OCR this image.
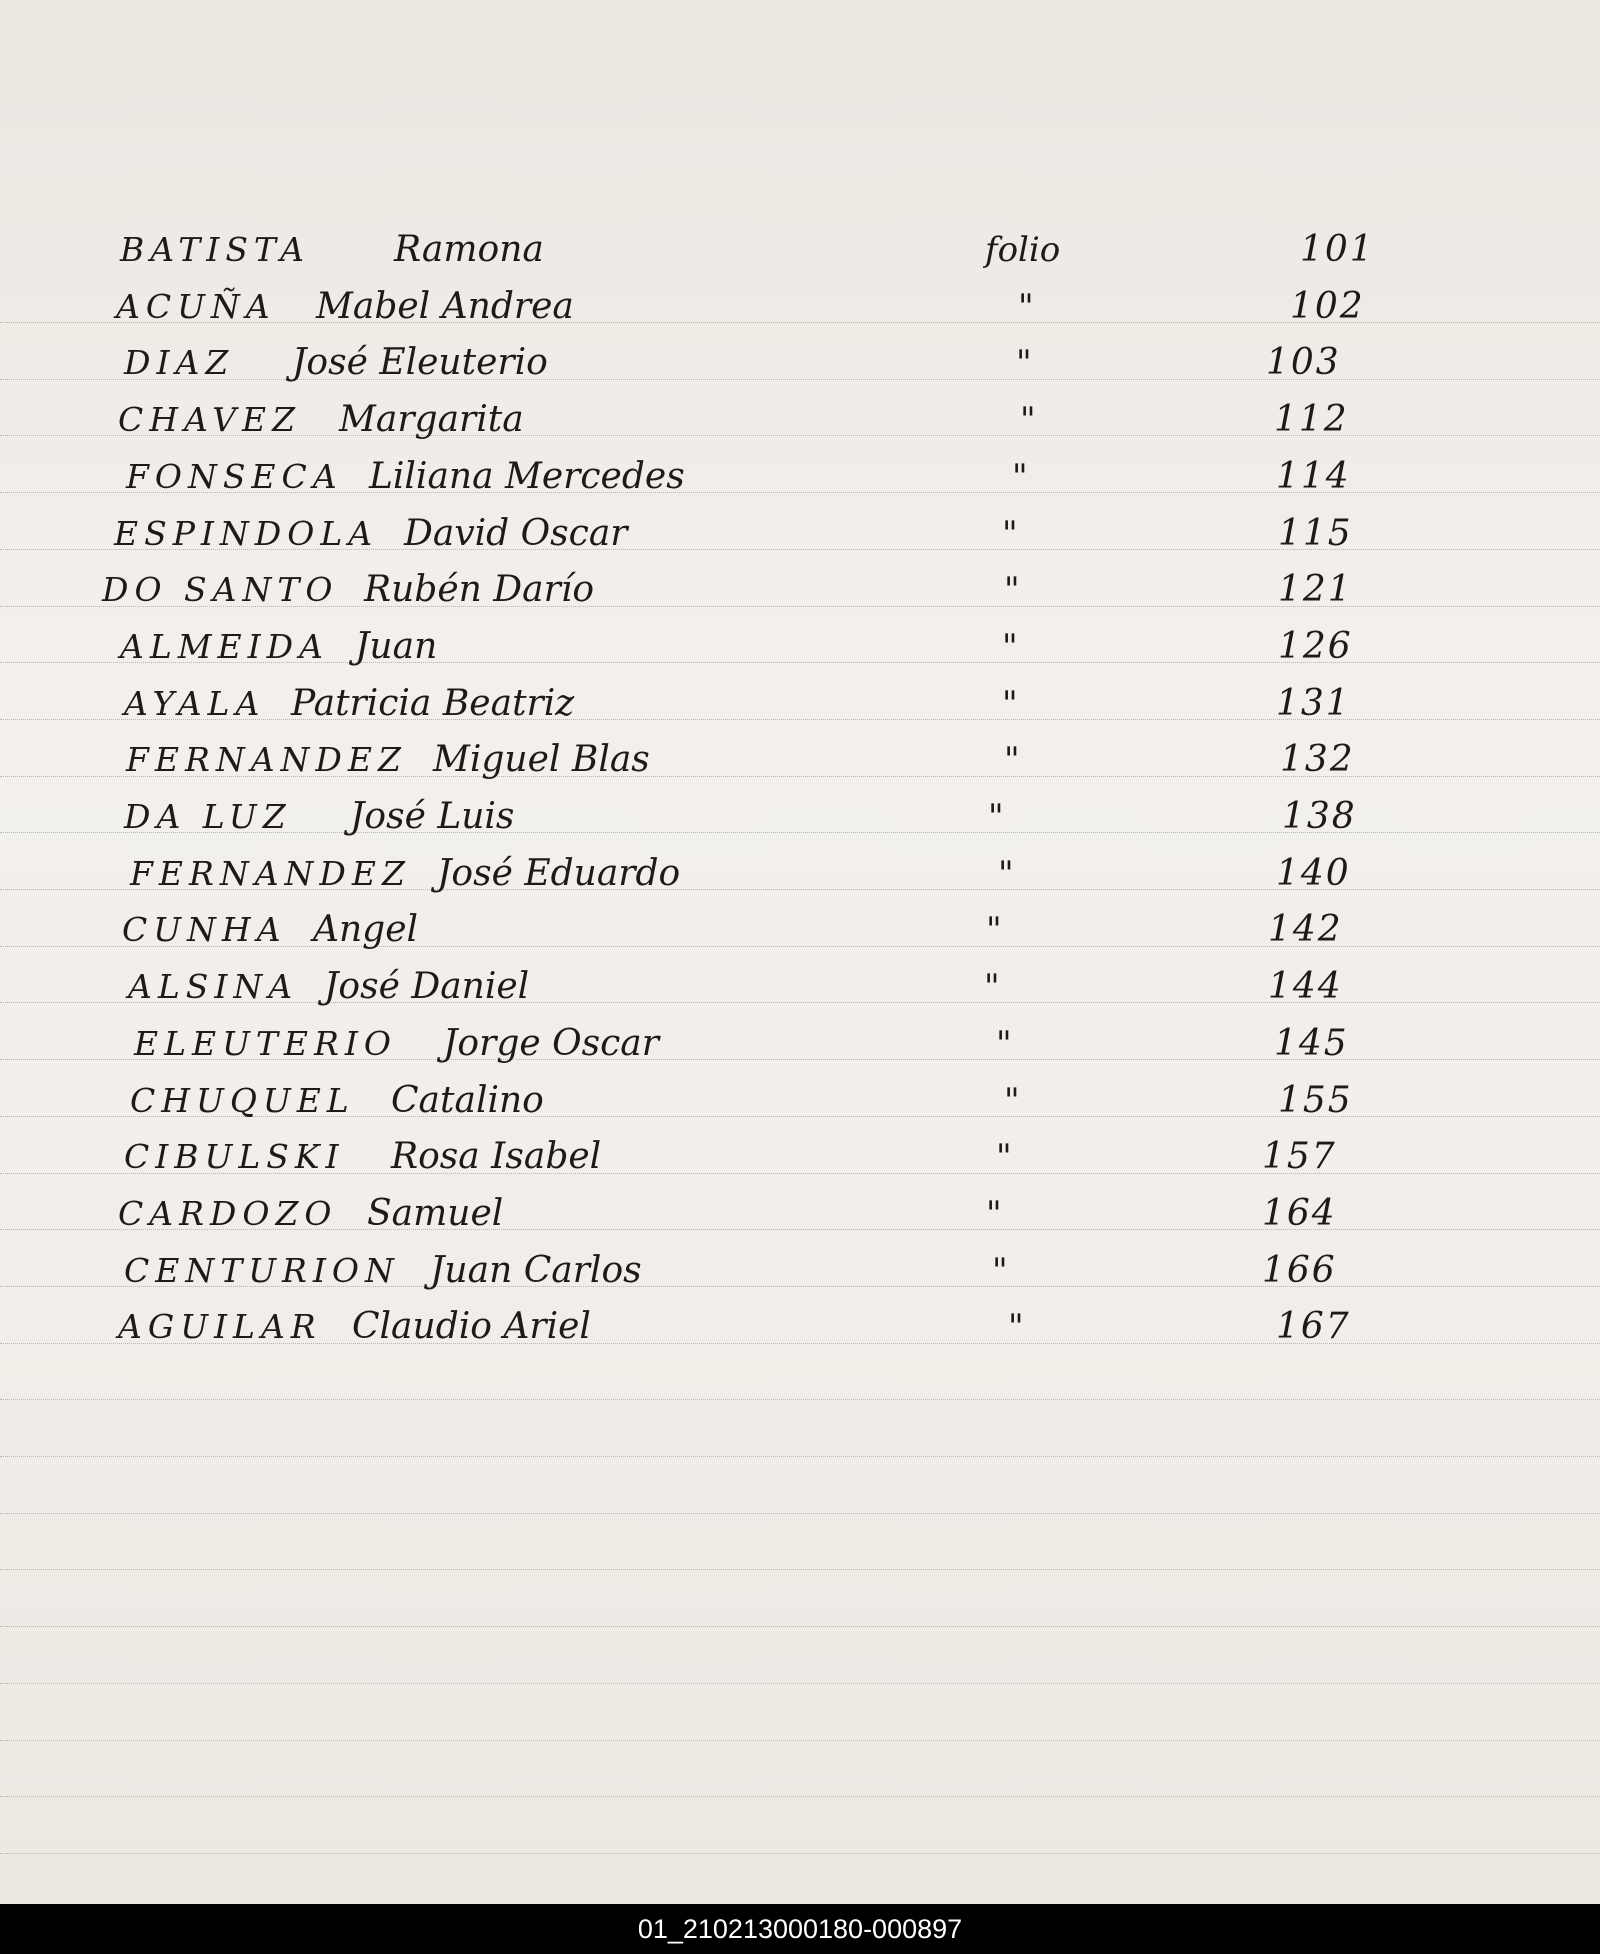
BATISTA Ramona	folio	101
ACUÑA Mabel Andrea	"	102
DIAZ José Eleuterio	"	103
CHAVEZ Margarita	"	112
FONSECA Liliana Mercedes	"	114
ESPINDOLA David Oscar	"	115
DO SANTO Rubén Darío	"	121
ALMEIDA Juan	"	126
AYALA Patricia Beatriz	"	131
FERNANDEZ Miguel Blas	"	132
DA LUZ José Luis	"	138
FERNANDEZ José Eduardo	"	140
CUNHA Angel	"	142
ALSINA José Daniel	"	144
ELEUTERIO Jorge Oscar	"	145
CHUQUEL Catalino	"	155
CIBULSKI Rosa Isabel	"	157
CARDOZO Samuel	"	164
CENTURION Juan Carlos	"	166
AGUILAR Claudio Ariel	"	167
01_210213000180-000897
